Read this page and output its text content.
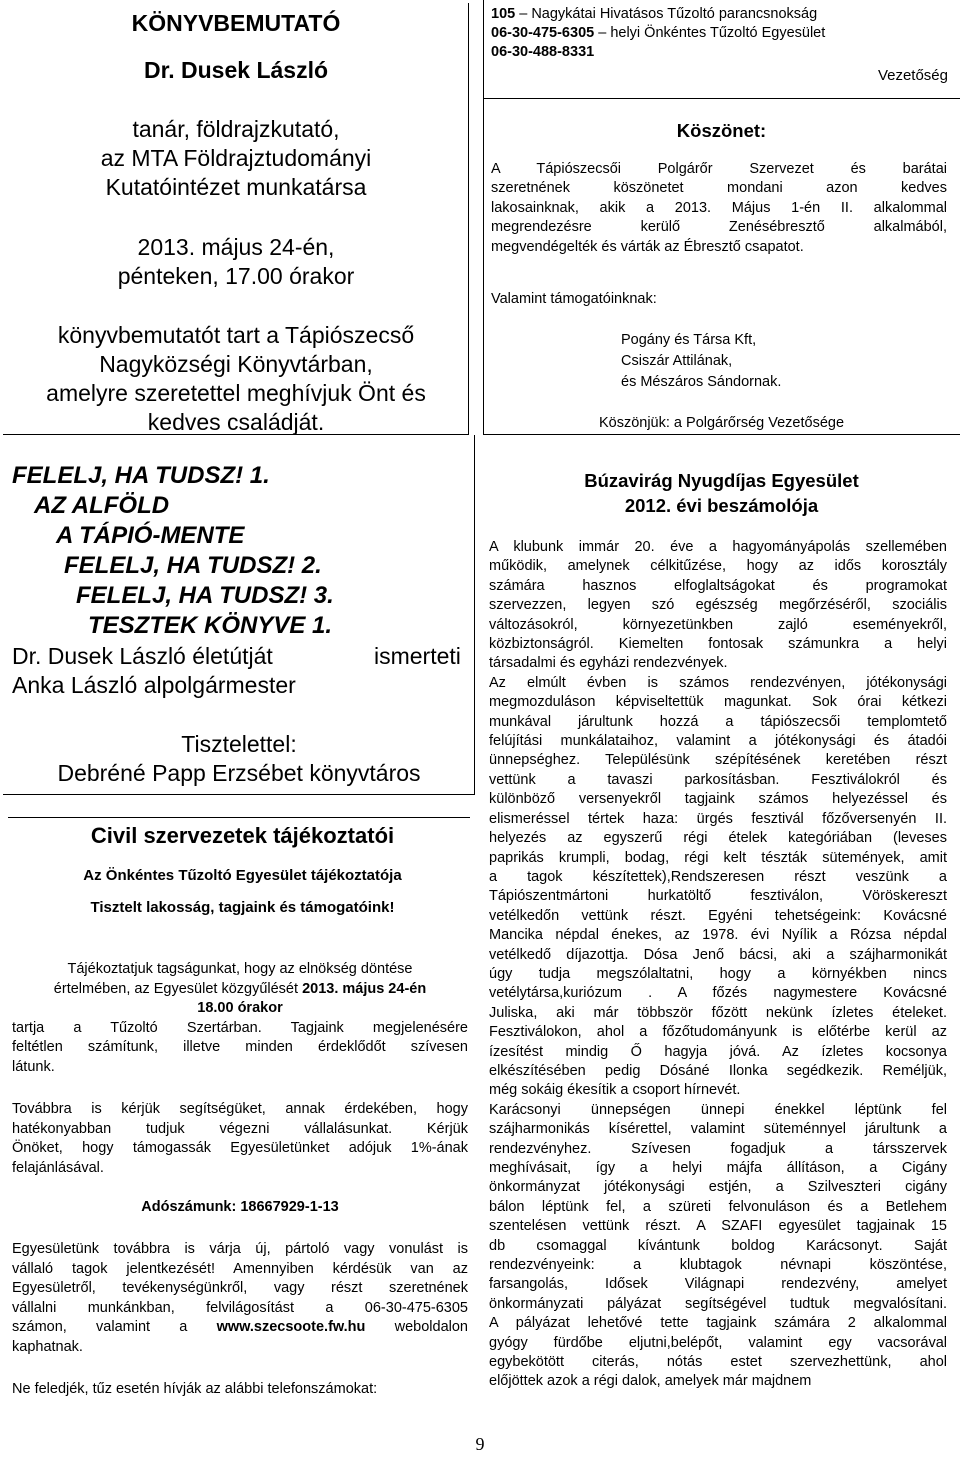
KÖNYVBEMUTATÓ
Dr. Dusek László
tanár, földrajzkutató,
az MTA Földrajztudományi
Kutatóintézet munkatársa
2013. május 24-én,
pénteken, 17.00 órakor
könyvbemutatót tart a Tápiószecső
Nagyközségi Könyvtárban,
amelyre szeretettel meghívjuk Önt és
kedves családját.
FELELJ, HA TUDSZ! 1.
AZ ALFÖLD
A TÁPIÓ-MENTE
FELELJ, HA TUDSZ! 2.
FELELJ, HA TUDSZ! 3.
TESZTEK KÖNYVE 1.
Dr. Dusek László életútját	ismerteti
Anka László alpolgármester
Tisztelettel:
Debréné Papp Erzsébet könyvtáros
Civil szervezetek tájékoztatói
Az Önkéntes Tűzoltó Egyesület tájékoztatója
Tisztelt lakosság, tagjaink és támogatóink!
Tájékoztatjuk tagságunkat, hogy az elnökség döntése
értelmében, az Egyesület közgyűlését 2013. május 24-én
18.00 órakor
tartja a Tűzoltó Szertárban. Tagjaink megjelenésére
feltétlen számítunk, illetve minden érdeklődőt szívesen
látunk.
Továbbra is kérjük segítségüket, annak érdekében, hogy
hatékonyabban tudjuk végezni vállalásunkat. Kérjük
Önöket, hogy támogassák Egyesületünket adójuk 1%-ának
felajánlásával.
Adószámunk: 18667929-1-13
Egyesületünk továbbra is várja új, pártoló vagy vonulást is
vállaló tagok jelentkezését! Amennyiben kérdésük van az
Egyesületről, tevékenységünkről, vagy részt szeretnének
vállalni munkánkban, felvilágosítást a 06-30-475-6305
számon, valamint a www.szecsoote.fw.hu weboldalon
kaphatnak.
Ne feledjék, tűz esetén hívják az alábbi telefonszámokat:
105 – Nagykátai Hivatásos Tűzoltó parancsnokság
06-30-475-6305 – helyi Önkéntes Tűzoltó Egyesület
06-30-488-8331
Vezetőség
Köszönet:
A Tápiószecsői Polgárőr Szervezet és barátai
szeretnének köszönetet mondani azon kedves
lakosainknak, akik a 2013. Május 1-én II. alkalommal
megrendezésre kerülő Zenésébresztő alkalmából,
megvendégelték és várták az Ébresztő csapatot.
Valamint támogatóinknak:
Pogány és Társa Kft,
Csiszár Attilának,
és Mészáros Sándornak.
Köszönjük: a Polgárőrség Vezetősége
Búzavirág Nyugdíjas Egyesület
2012. évi beszámolója
A klubunk immár 20. éve a hagyományápolás szellemében
működik, amelynek célkitűzése, hogy az idős korosztály
számára hasznos elfoglaltságokat és programokat
szervezzen, legyen szó egészség megőrzéséről, szociális
változásokról, környezetünkben zajló eseményekről,
közbiztonságról. Kiemelten fontosak számunkra a helyi
társadalmi és egyházi rendezvények.
Az elmúlt évben is számos rendezvényen, jótékonysági
megmozduláson képviseltettük magunkat. Sok órai kétkezi
munkával járultunk hozzá a tápiószecsői templomtető
felújítási munkálataihoz, valamint a jótékonysági és átadói
ünnepséghez. Településünk szépítésének keretében részt
vettünk a tavaszi parkosításban. Fesztiválokról és
különböző versenyekről tagjaink számos helyezéssel és
elismeréssel tértek haza: ürgés fesztivál főzőversenyén II.
helyezés az egyszerű régi ételek kategóriában (leveses
paprikás krumpli, bodag, régi kelt tészták sütemények, amit
a tagok készítettek),Rendszeresen részt veszünk a
Tápiószentmártoni hurkatöltő fesztiválon, Vöröskereszt
vetélkedőn vettünk részt. Egyéni tehetségeink: Kovácsné
Mancika népdal énekes, az 1978. évi Nyílik a Rózsa népdal
vetélkedő díjazottja. Dósa Jenő bácsi, aki a szájharmonikát
úgy tudja megszólaltatni, hogy a környékben nincs
vetélytársa,kuriózum . A főzés nagymestere Kovácsné
Juliska, aki már többször főzött nekünk ízletes ételeket.
Fesztiválokon, ahol a főzőtudományunk is előtérbe kerül az
ízesítést mindig Ő hagyja jóvá. Az ízletes kocsonya
elkészítésében pedig Dósáné Ilonka segédkezik. Reméljük,
még sokáig ékesítik a csoport hírnevét.
Karácsonyi ünnepségen ünnepi énekkel léptünk fel
szájharmonikás kísérettel, valamint süteménnyel járultunk a
rendezvényhez. Szívesen fogadjuk a társszervek
meghívásait, így a helyi májfa állításon, a Cigány
önkormányzat jótékonysági estjén, a Szilveszteri cigány
bálon léptünk fel, a szüreti felvonuláson és a Betlehem
szentelésen vettünk részt. A SZAFI egyesület tagjainak 15
db csomaggal kívántunk boldog Karácsonyt. Saját
rendezvényeink: a klubtagok névnapi köszöntése,
farsangolás, Idősek Világnapi rendezvény, amelyet
önkormányzati pályázat segítségével tudtuk megvalósítani.
A pályázat lehetővé tette tagjaink számára 2 alkalommal
gyógy fürdőbe eljutni,belépőt, valamint egy vacsorával
egybekötött citerás, nótás estet szervezhettünk, ahol
előjöttek azok a régi dalok, amelyek már majdnem
9
